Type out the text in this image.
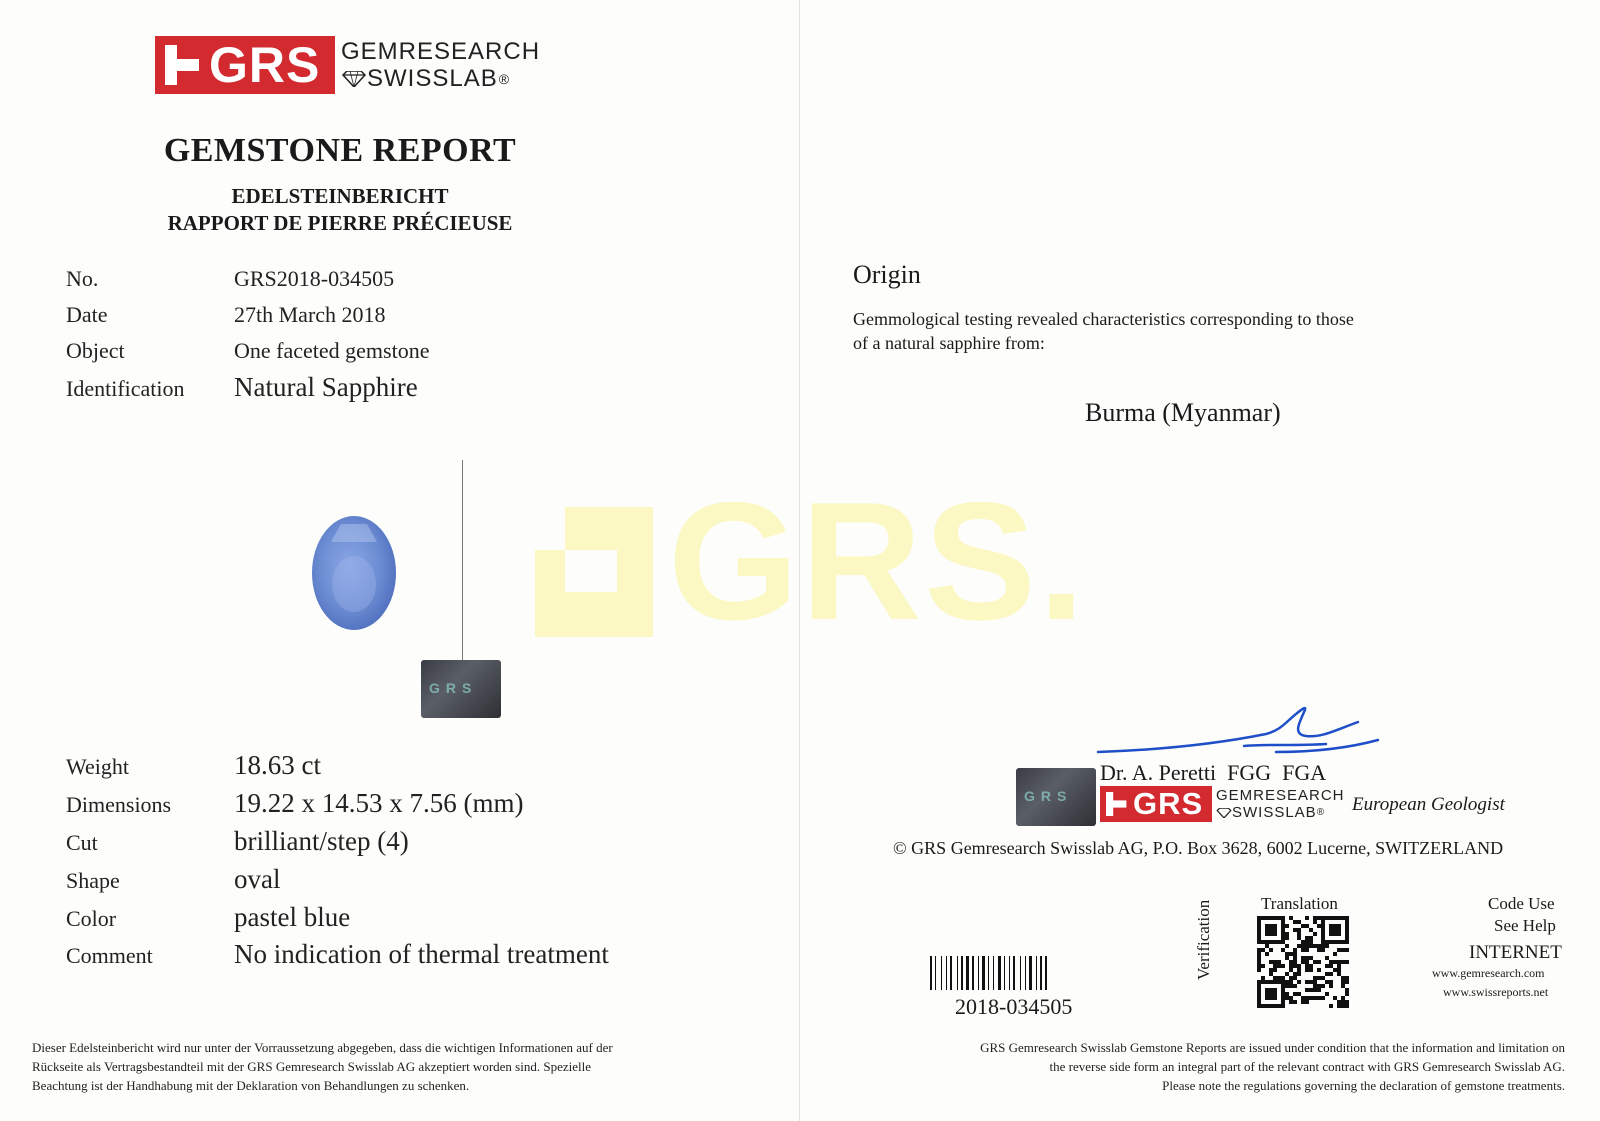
GRS.
GRS GEMRESEARCH
SWISSLAB ®
GEMSTONE REPORT
EDELSTEINBERICHT
RAPPORT DE PIERRE PRÉCIEUSE
No.	GRS2018-034505
Date	27th March 2018
Object	One faceted gemstone
Identification Natural Sapphire
GRS
Weight	18.63 ct
Dimensions 19.22 x 14.53 x 7.56 (mm)
Cut	brilliant/step (4)
Shape	oval
Color	pastel blue
Comment	No indication of thermal treatment
Dieser Edelsteinbericht wird nur unter der Vorraussetzung abgegeben, dass die wichtigen Informationen auf der
Rückseite als Vertragsbestandteil mit der GRS Gemresearch Swisslab AG akzeptiert worden sind. Spezielle
Beachtung ist der Handhabung mit der Deklaration von Behandlungen zu schenken.
Origin
Gemmological testing revealed characteristics corresponding to those
of a natural sapphire from:
Burma (Myanmar)
Dr. A. Peretti  FGG  FGA
GRS GRS GEMRESEARCH
SWISSLAB ® European Geologist
© GRS Gemresearch Swisslab AG, P.O. Box 3628, 6002 Lucerne, SWITZERLAND
2018-034505
Translation
Verification	Code Use
See Help
INTERNET
www.gemresearch.com
www.swissreports.net
GRS Gemresearch Swisslab Gemstone Reports are issued under condition that the information and limitation on
the reverse side form an integral part of the relevant contract with GRS Gemresearch Swisslab AG.
Please note the regulations governing the declaration of gemstone treatments.
